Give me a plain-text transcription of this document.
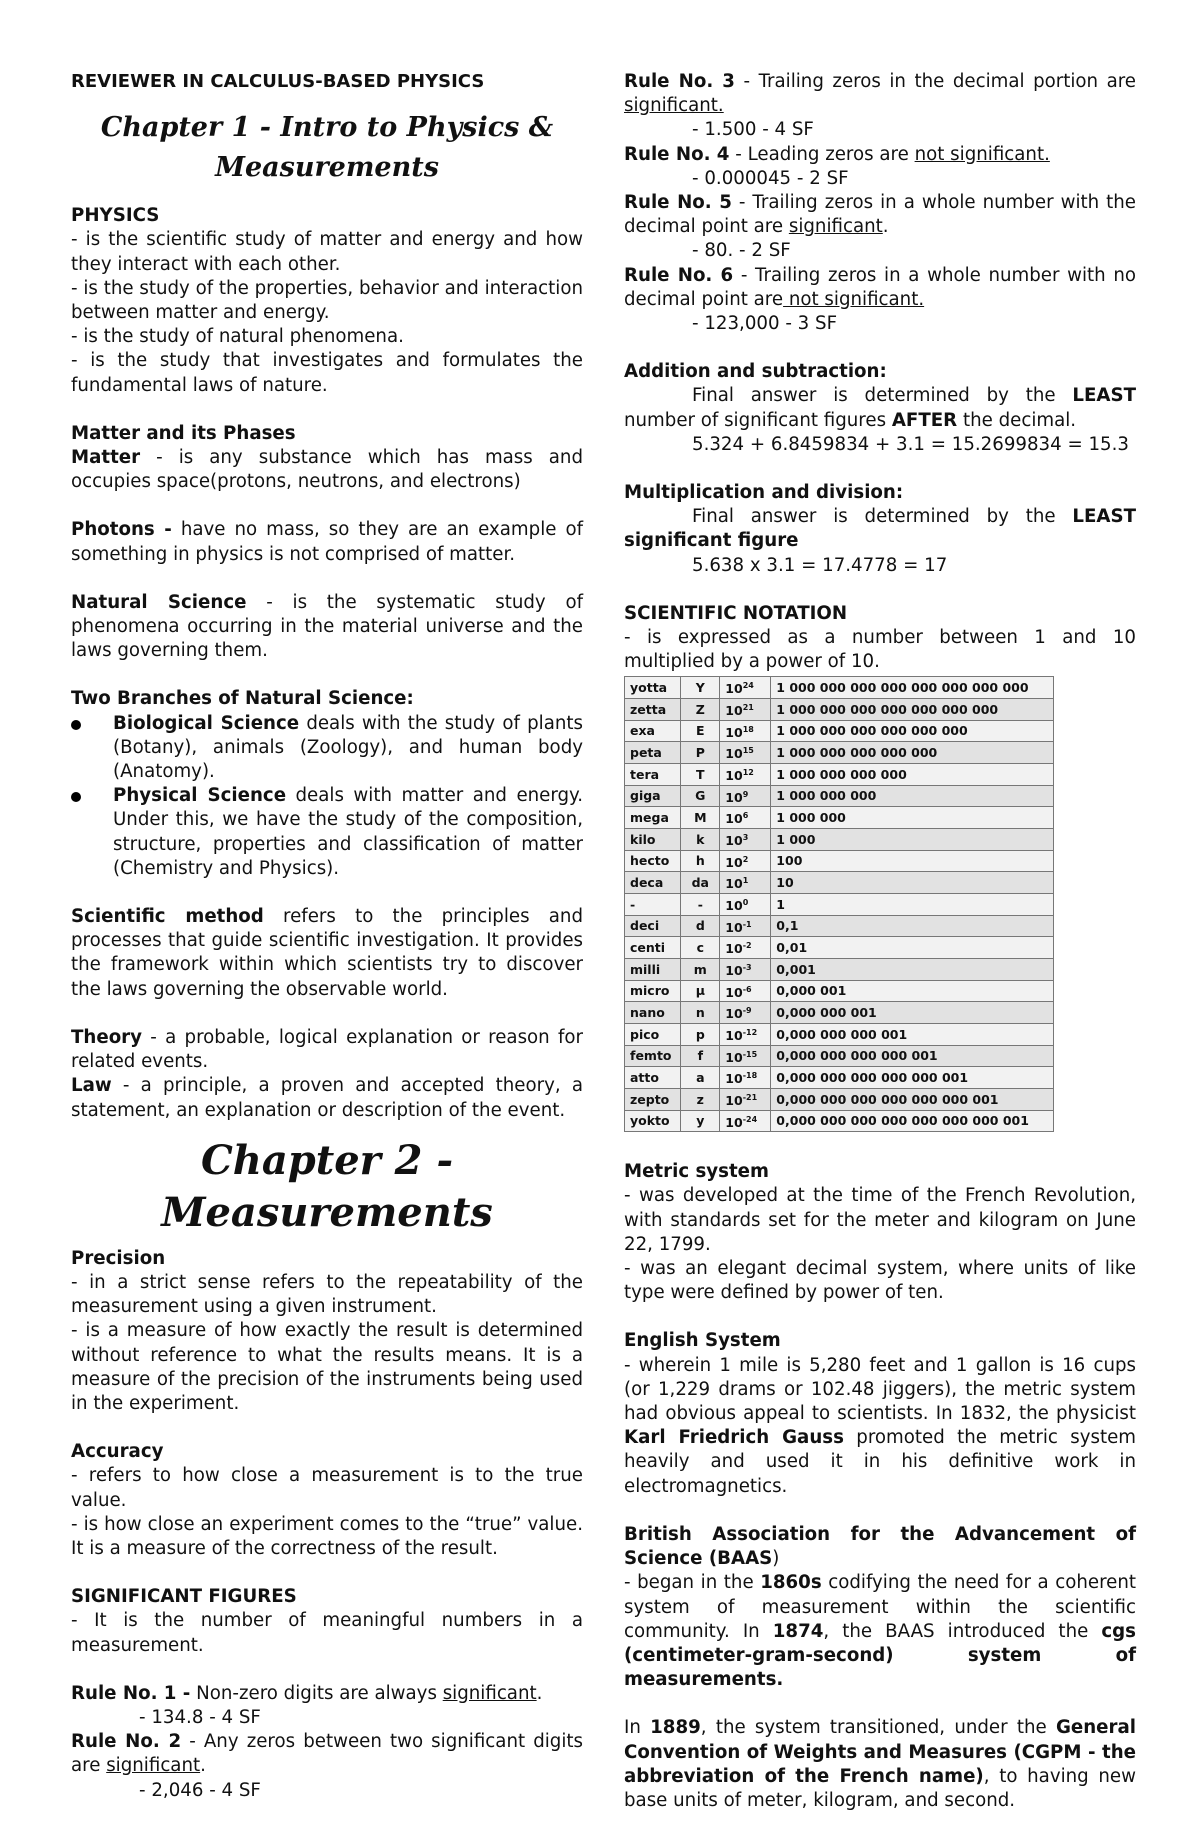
REVIEWER IN CALCULUS-BASED PHYSICS

Chapter 1 - Intro to Physics & Measurements

PHYSICS

- is the scientific study of matter and energy and how they interact with each other.

- is the study of the properties, behavior and interaction between matter and energy.

- is the study of natural phenomena.

- is the study that investigates and formulates the fundamental laws of nature.

Matter and its Phases

Matter - is any substance which has mass and occupies space(protons, neutrons, and electrons)

Photons - have no mass, so they are an example of something in physics is not comprised of matter.

Natural Science - is the systematic study of phenomena occurring in the material universe and the laws governing them.

Two Branches of Natural Science:

Biological Science deals with the study of plants (Botany), animals (Zoology), and human body (Anatomy).
Physical Science deals with matter and energy. Under this, we have the study of the composition, structure, properties and classification of matter (Chemistry and Physics).

Scientific method refers to the principles and processes that guide scientific investigation. It provides the framework within which scientists try to discover the laws governing the observable world.

Theory - a probable, logical explanation or reason for related events.

Law - a principle, a proven and accepted theory, a statement, an explanation or description of the event.

Chapter 2 - Measurements

Precision

- in a strict sense refers to the repeatability of the measurement using a given instrument.

- is a measure of how exactly the result is determined without reference to what the results means. It is a measure of the precision of the instruments being used in the experiment.

Accuracy

- refers to how close a measurement is to the true value.

- is how close an experiment comes to the “true” value. It is a measure of the correctness of the result.

SIGNIFICANT FIGURES

- It is the number of meaningful numbers in a measurement.

Rule No. 1 - Non-zero digits are always significant.

- 134.8 - 4 SF

Rule No. 2 - Any zeros between two significant digits are significant.

- 2,046 - 4 SF

Rule No. 3 - Trailing zeros in the decimal portion are significant.

- 1.500 - 4 SF

Rule No. 4 - Leading zeros are not significant.

- 0.000045 - 2 SF

Rule No. 5 - Trailing zeros in a whole number with the decimal point are significant.

- 80. - 2 SF

Rule No. 6 - Trailing zeros in a whole number with no decimal point are not significant.

- 123,000 - 3 SF

Addition and subtraction:

Final answer is determined by the LEAST number of significant figures AFTER the decimal.

5.324 + 6.8459834 + 3.1 = 15.2699834 = 15.3

Multiplication and division:

Final answer is determined by the LEAST significant figure

5.638 x 3.1 = 17.4778 = 17

SCIENTIFIC NOTATION

- is expressed as a number between 1 and 10 multiplied by a power of 10.

yotta	Y	$10^{24}$	1 000 000 000 000 000 000 000 000
zetta	Z	$10^{21}$	1 000 000 000 000 000 000 000
exa	E	$10^{18}$	1 000 000 000 000 000 000
peta	P	$10^{15}$	1 000 000 000 000 000
tera	T	$10^{12}$	1 000 000 000 000
giga	G	$10^9$	1 000 000 000
mega	M	$10^6$	1 000 000
kilo	k	$10^3$	1 000
hecto	h	$10^2$	100
deca	da	$10^1$	10
-	-	$10^0$	1
deci	d	$10^{-1}$	0,1
centi	c	$10^{-2}$	0,01
milli	m	$10^{-3}$	0,001
micro	µ	$10^{-6}$	0,000 001
nano	n	$10^{-9}$	0,000 000 001
pico	p	$10^{-12}$	0,000 000 000 001
femto	f	$10^{-15}$	0,000 000 000 000 001
atto	a	$10^{-18}$	0,000 000 000 000 000 001
zepto	z	$10^{-21}$	0,000 000 000 000 000 000 001
yokto	y	$10^{-24}$	0,000 000 000 000 000 000 000 001

Metric system

- was developed at the time of the French Revolution, with standards set for the meter and kilogram on June 22, 1799.

- was an elegant decimal system, where units of like type were defined by power of ten.

English System

- wherein 1 mile is 5,280 feet and 1 gallon is 16 cups (or 1,229 drams or 102.48 jiggers), the metric system had obvious appeal to scientists. In 1832, the physicist Karl Friedrich Gauss promoted the metric system heavily and used it in his definitive work in electromagnetics.

British Association for the Advancement of Science (BAAS)

- began in the 1860s codifying the need for a coherent system of measurement within the scientific community. In 1874, the BAAS introduced the cgs (centimeter-gram-second) system of measurements.

In 1889, the system transitioned, under the General Convention of Weights and Measures (CGPM - the abbreviation of the French name), to having new base units of meter, kilogram, and second.
